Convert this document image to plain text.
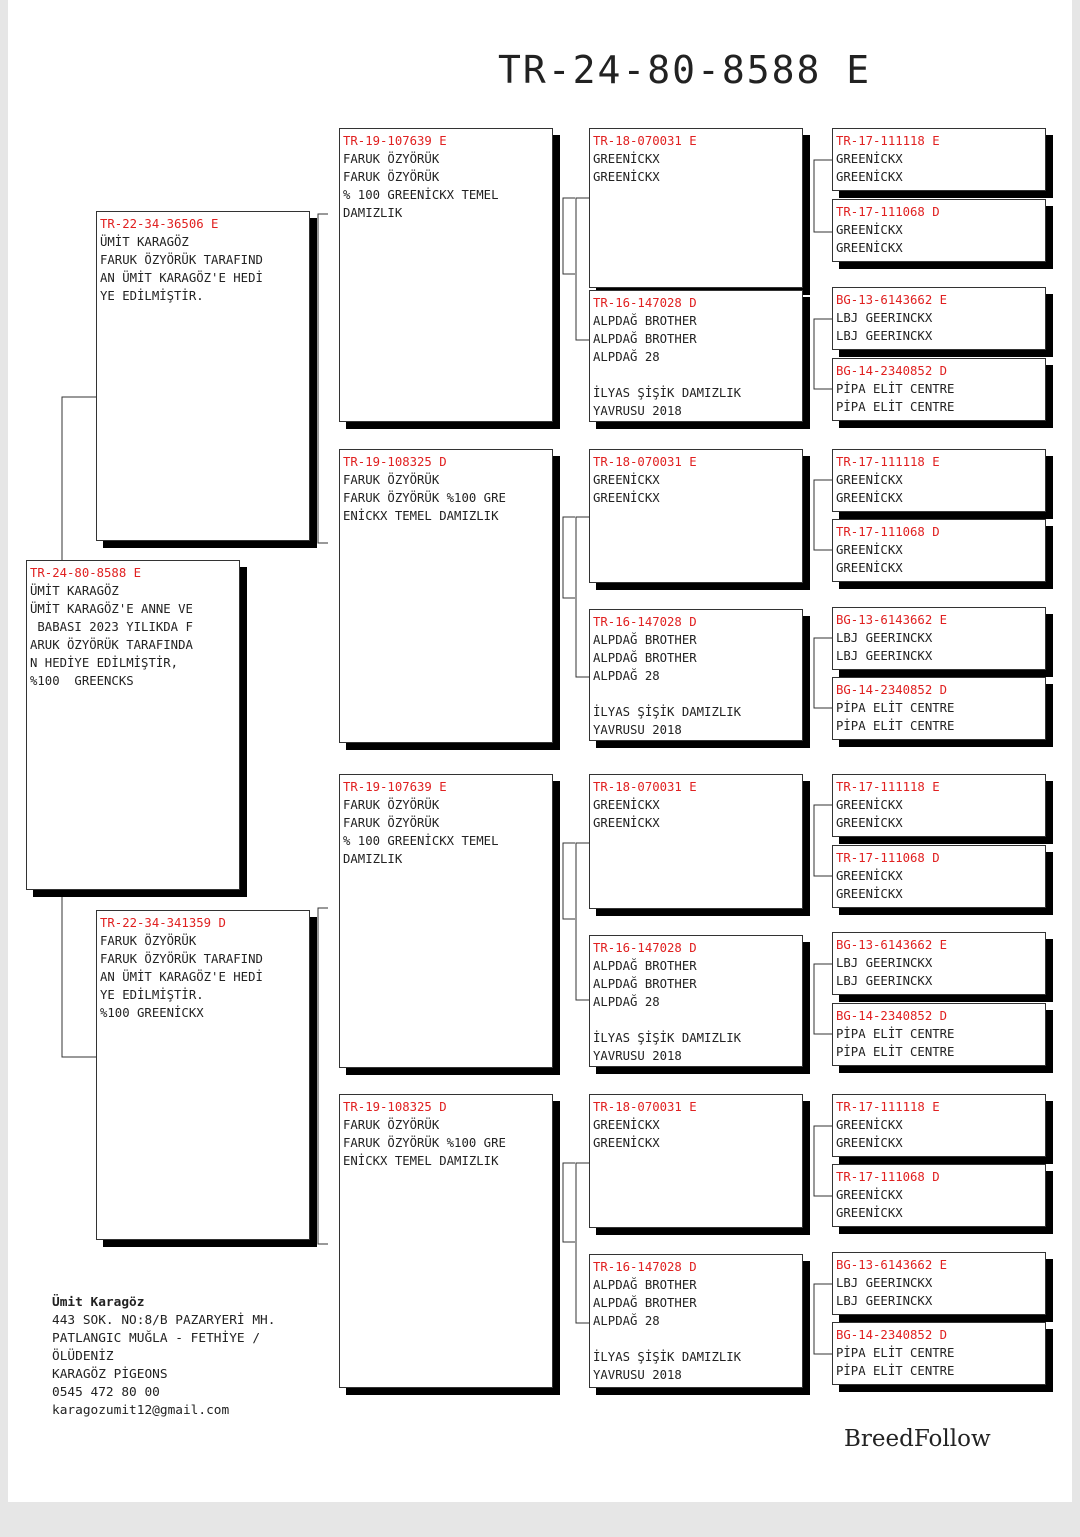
TR-24-80-8588 E
TR-24-80-8588 E
ÜMİT KARAGÖZ
ÜMİT KARAGÖZ'E ANNE VE
BABASI 2023 YILIKDA F
ARUK ÖZYÖRÜK TARAFINDA
N HEDİYE EDİLMİŞTİR,
%100  GREENCKS
TR-22-34-36506 E
ÜMİT KARAGÖZ
FARUK ÖZYÖRÜK TARAFIND
AN ÜMİT KARAGÖZ'E HEDİ
YE EDİLMİŞTİR.
TR-22-34-341359 D
FARUK ÖZYÖRÜK
FARUK ÖZYÖRÜK TARAFIND
AN ÜMİT KARAGÖZ'E HEDİ
YE EDİLMİŞTİR.
%100 GREENİCKX
TR-19-107639 E
FARUK ÖZYÖRÜK
FARUK ÖZYÖRÜK
% 100 GREENİCKX TEMEL
DAMIZLIK
TR-19-108325 D
FARUK ÖZYÖRÜK
FARUK ÖZYÖRÜK %100 GRE
ENİCKX TEMEL DAMIZLIK
TR-19-107639 E
FARUK ÖZYÖRÜK
FARUK ÖZYÖRÜK
% 100 GREENİCKX TEMEL
DAMIZLIK
TR-19-108325 D
FARUK ÖZYÖRÜK
FARUK ÖZYÖRÜK %100 GRE
ENİCKX TEMEL DAMIZLIK
TR-18-070031 E
GREENİCKX
GREENİCKX
TR-16-147028 D
ALPDAĞ BROTHER
ALPDAĞ BROTHER
ALPDAĞ 28
İLYAS ŞİŞİK DAMIZLIK
YAVRUSU 2018
TR-18-070031 E
GREENİCKX
GREENİCKX
TR-16-147028 D
ALPDAĞ BROTHER
ALPDAĞ BROTHER
ALPDAĞ 28
İLYAS ŞİŞİK DAMIZLIK
YAVRUSU 2018
TR-18-070031 E
GREENİCKX
GREENİCKX
TR-16-147028 D
ALPDAĞ BROTHER
ALPDAĞ BROTHER
ALPDAĞ 28
İLYAS ŞİŞİK DAMIZLIK
YAVRUSU 2018
TR-18-070031 E
GREENİCKX
GREENİCKX
TR-16-147028 D
ALPDAĞ BROTHER
ALPDAĞ BROTHER
ALPDAĞ 28
İLYAS ŞİŞİK DAMIZLIK
YAVRUSU 2018
TR-17-111118 E
GREENİCKX
GREENİCKX
TR-17-111068 D
GREENİCKX
GREENİCKX
BG-13-6143662 E
LBJ GEERINCKX
LBJ GEERINCKX
BG-14-2340852 D
PİPA ELİT CENTRE
PİPA ELİT CENTRE
TR-17-111118 E
GREENİCKX
GREENİCKX
TR-17-111068 D
GREENİCKX
GREENİCKX
BG-13-6143662 E
LBJ GEERINCKX
LBJ GEERINCKX
BG-14-2340852 D
PİPA ELİT CENTRE
PİPA ELİT CENTRE
TR-17-111118 E
GREENİCKX
GREENİCKX
TR-17-111068 D
GREENİCKX
GREENİCKX
BG-13-6143662 E
LBJ GEERINCKX
LBJ GEERINCKX
BG-14-2340852 D
PİPA ELİT CENTRE
PİPA ELİT CENTRE
TR-17-111118 E
GREENİCKX
GREENİCKX
TR-17-111068 D
GREENİCKX
GREENİCKX
BG-13-6143662 E
LBJ GEERINCKX
LBJ GEERINCKX
BG-14-2340852 D
PİPA ELİT CENTRE
PİPA ELİT CENTRE
Ümit Karagöz
443 SOK. NO:8/B PAZARYERİ MH.
PATLANGIC MUĞLA - FETHİYE /
ÖLÜDENİZ
KARAGÖZ PİGEONS
0545 472 80 00
karagozumit12@gmail.com
BreedFollow
